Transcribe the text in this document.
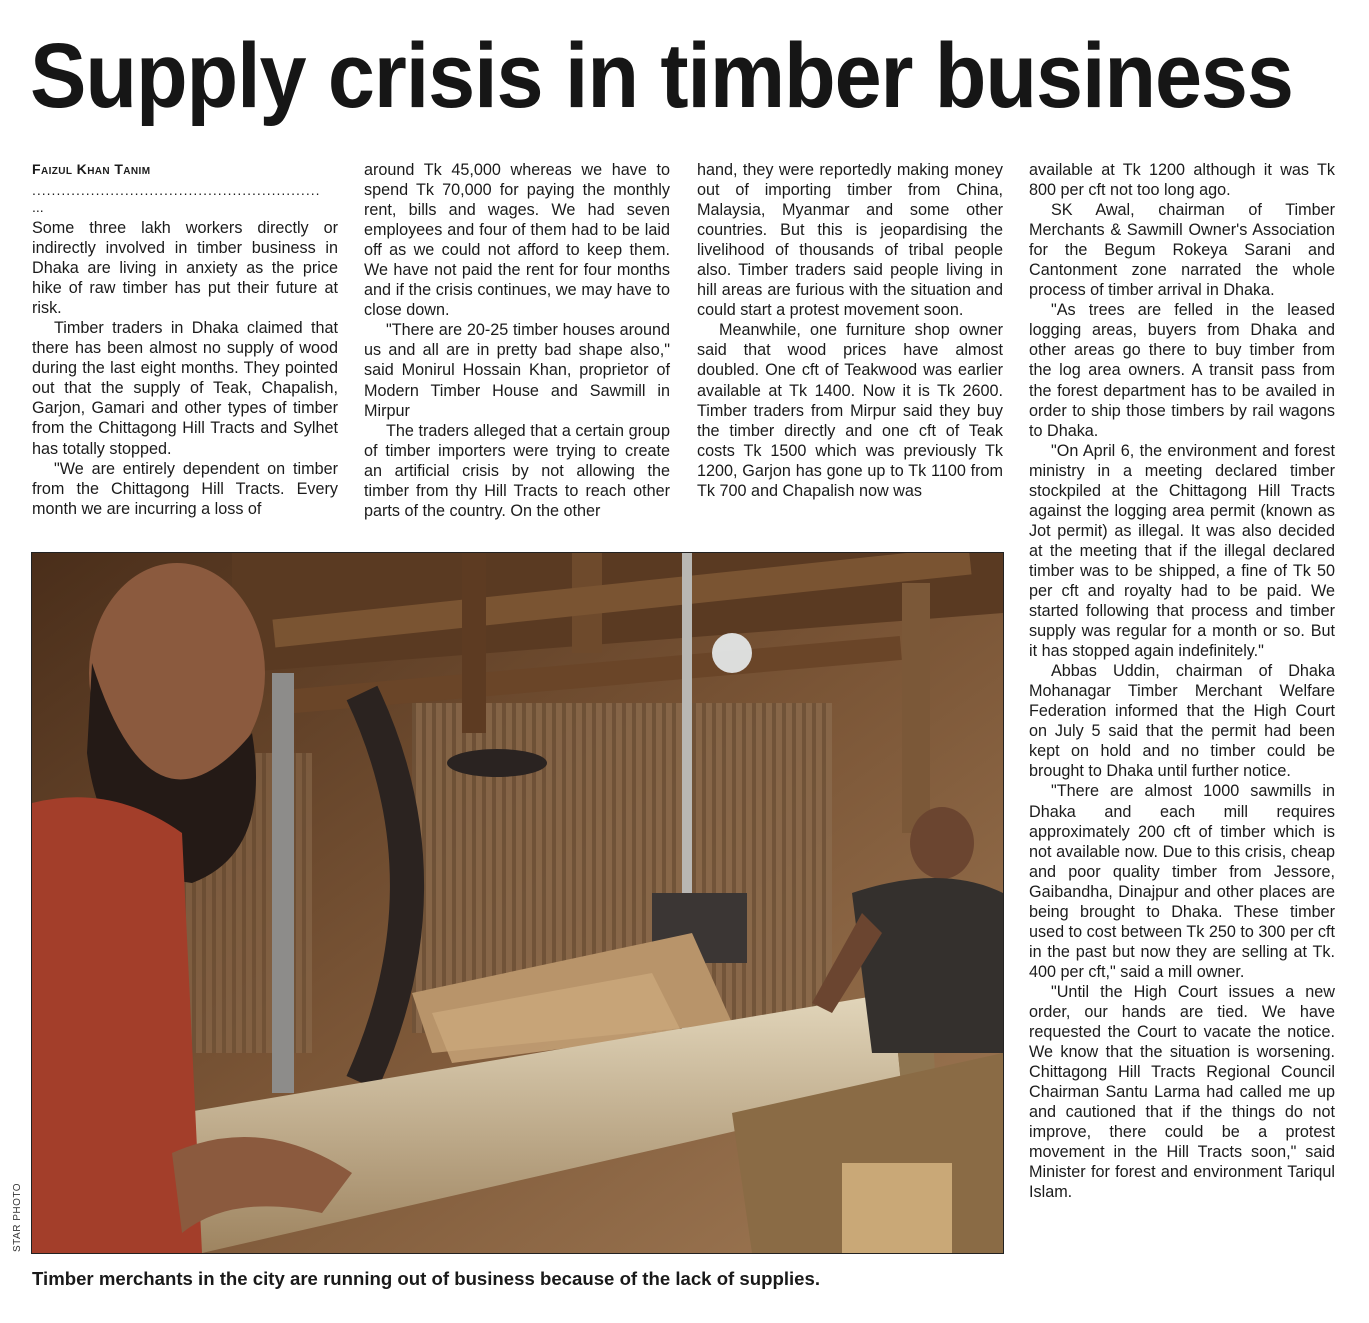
Supply crisis in timber business
Faizul Khan Tanim
...........................................................
...

Some three lakh workers directly or indirectly involved in timber business in Dhaka are living in anxiety as the price hike of raw timber has put their future at risk.

Timber traders in Dhaka claimed that there has been almost no supply of wood during the last eight months. They pointed out that the supply of Teak, Chapalish, Garjon, Gamari and other types of timber from the Chittagong Hill Tracts and Sylhet has totally stopped.

"We are entirely dependent on timber from the Chittagong Hill Tracts. Every month we are incurring a loss of

around Tk 45,000 whereas we have to spend Tk 70,000 for paying the monthly rent, bills and wages. We had seven employees and four of them had to be laid off as we could not afford to keep them. We have not paid the rent for four months and if the crisis continues, we may have to close down.

"There are 20-25 timber houses around us and all are in pretty bad shape also," said Monirul Hossain Khan, proprietor of Modern Timber House and Sawmill in Mirpur

The traders alleged that a certain group of timber importers were trying to create an artificial crisis by not allowing the timber from thy Hill Tracts to reach other parts of the country. On the other

hand, they were reportedly making money out of importing timber from China, Malaysia, Myanmar and some other countries. But this is jeopardising the livelihood of thousands of tribal people also. Timber traders said people living in hill areas are furious with the situation and could start a protest movement soon.

Meanwhile, one furniture shop owner said that wood prices have almost doubled. One cft of Teakwood was earlier available at Tk 1400. Now it is Tk 2600. Timber traders from Mirpur said they buy the timber directly and one cft of Teak costs Tk 1500 which was previously Tk 1200, Garjon has gone up to Tk 1100 from Tk 700 and Chapalish now was

available at Tk 1200 although it was Tk 800 per cft not too long ago.

SK Awal, chairman of Timber Merchants & Sawmill Owner's Association for the Begum Rokeya Sarani and Cantonment zone narrated the whole process of timber arrival in Dhaka.

"As trees are felled in the leased logging areas, buyers from Dhaka and other areas go there to buy timber from the log area owners. A transit pass from the forest department has to be availed in order to ship those timbers by rail wagons to Dhaka.

"On April 6, the environment and forest ministry in a meeting declared timber stockpiled at the Chittagong Hill Tracts against the logging area permit (known as Jot permit) as illegal. It was also decided at the meeting that if the illegal declared timber was to be shipped, a fine of Tk 50 per cft and royalty had to be paid. We started following that process and timber supply was regular for a month or so. But it has stopped again indefinitely."

Abbas Uddin, chairman of Dhaka Mohanagar Timber Merchant Welfare Federation informed that the High Court on July 5 said that the permit had been kept on hold and no timber could be brought to Dhaka until further notice.

"There are almost 1000 sawmills in Dhaka and each mill requires approximately 200 cft of timber which is not available now. Due to this crisis, cheap and poor quality timber from Jessore, Gaibandha, Dinajpur and other places are being brought to Dhaka. These timber used to cost between Tk 250 to 300 per cft in the past but now they are selling at Tk. 400 per cft," said a mill owner.

"Until the High Court issues a new order, our hands are tied. We have requested the Court to vacate the notice. We know that the situation is worsening. Chittagong Hill Tracts Regional Council Chairman Santu Larma had called me up and cautioned that if the things do not improve, there could be a protest movement in the Hill Tracts soon," said Minister for forest and environment Tariqul Islam.

STAR PHOTO

Timber merchants in the city are running out of business because of the lack of supplies.
